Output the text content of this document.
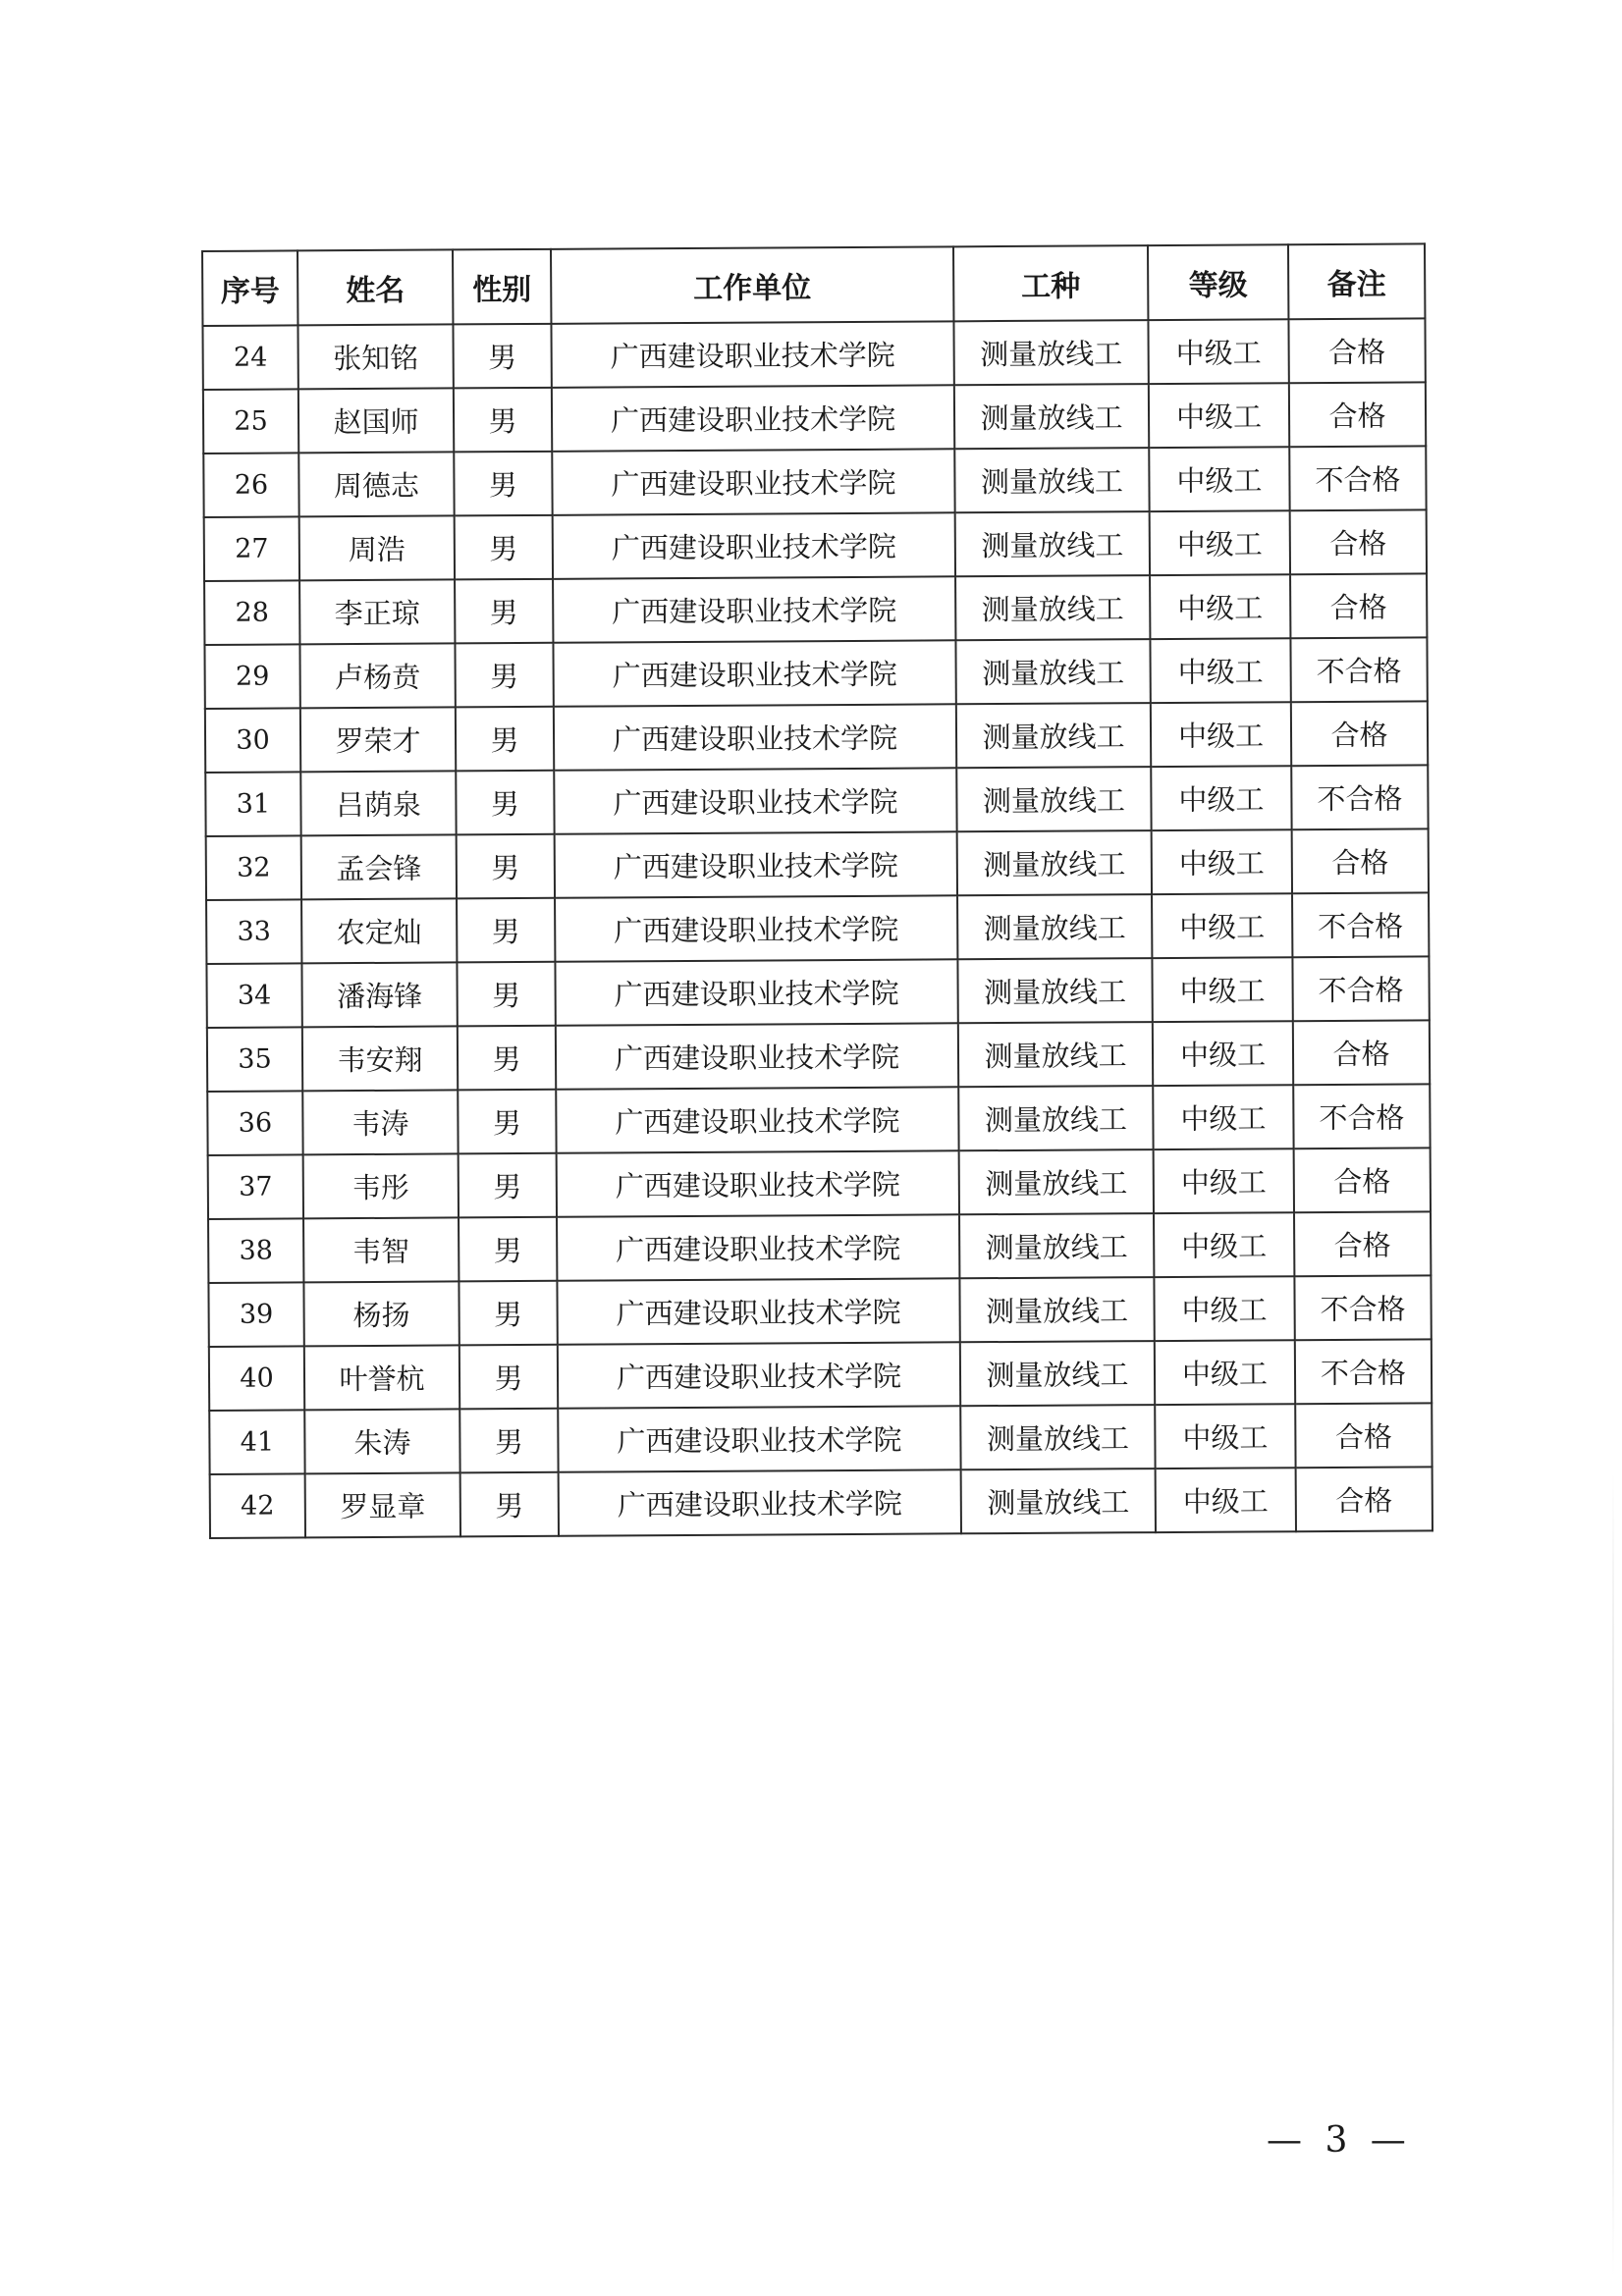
序号	姓名	性别	工作单位	工种	等级	备注
24	张知铭	男	广西建设职业技术学院	测量放线工	中级工	合格
25	赵国师	男	广西建设职业技术学院	测量放线工	中级工	合格
26	周德志	男	广西建设职业技术学院	测量放线工	中级工	不合格
27	周浩	男	广西建设职业技术学院	测量放线工	中级工	合格
28	李正琼	男	广西建设职业技术学院	测量放线工	中级工	合格
29	卢杨贲	男	广西建设职业技术学院	测量放线工	中级工	不合格
30	罗荣才	男	广西建设职业技术学院	测量放线工	中级工	合格
31	吕荫泉	男	广西建设职业技术学院	测量放线工	中级工	不合格
32	孟会锋	男	广西建设职业技术学院	测量放线工	中级工	合格
33	农定灿	男	广西建设职业技术学院	测量放线工	中级工	不合格
34	潘海锋	男	广西建设职业技术学院	测量放线工	中级工	不合格
35	韦安翔	男	广西建设职业技术学院	测量放线工	中级工	合格
36	韦涛	男	广西建设职业技术学院	测量放线工	中级工	不合格
37	韦彤	男	广西建设职业技术学院	测量放线工	中级工	合格
38	韦智	男	广西建设职业技术学院	测量放线工	中级工	合格
39	杨扬	男	广西建设职业技术学院	测量放线工	中级工	不合格
40	叶誉杭	男	广西建设职业技术学院	测量放线工	中级工	不合格
41	朱涛	男	广西建设职业技术学院	测量放线工	中级工	合格
42	罗显章	男	广西建设职业技术学院	测量放线工	中级工	合格
— 3 —
